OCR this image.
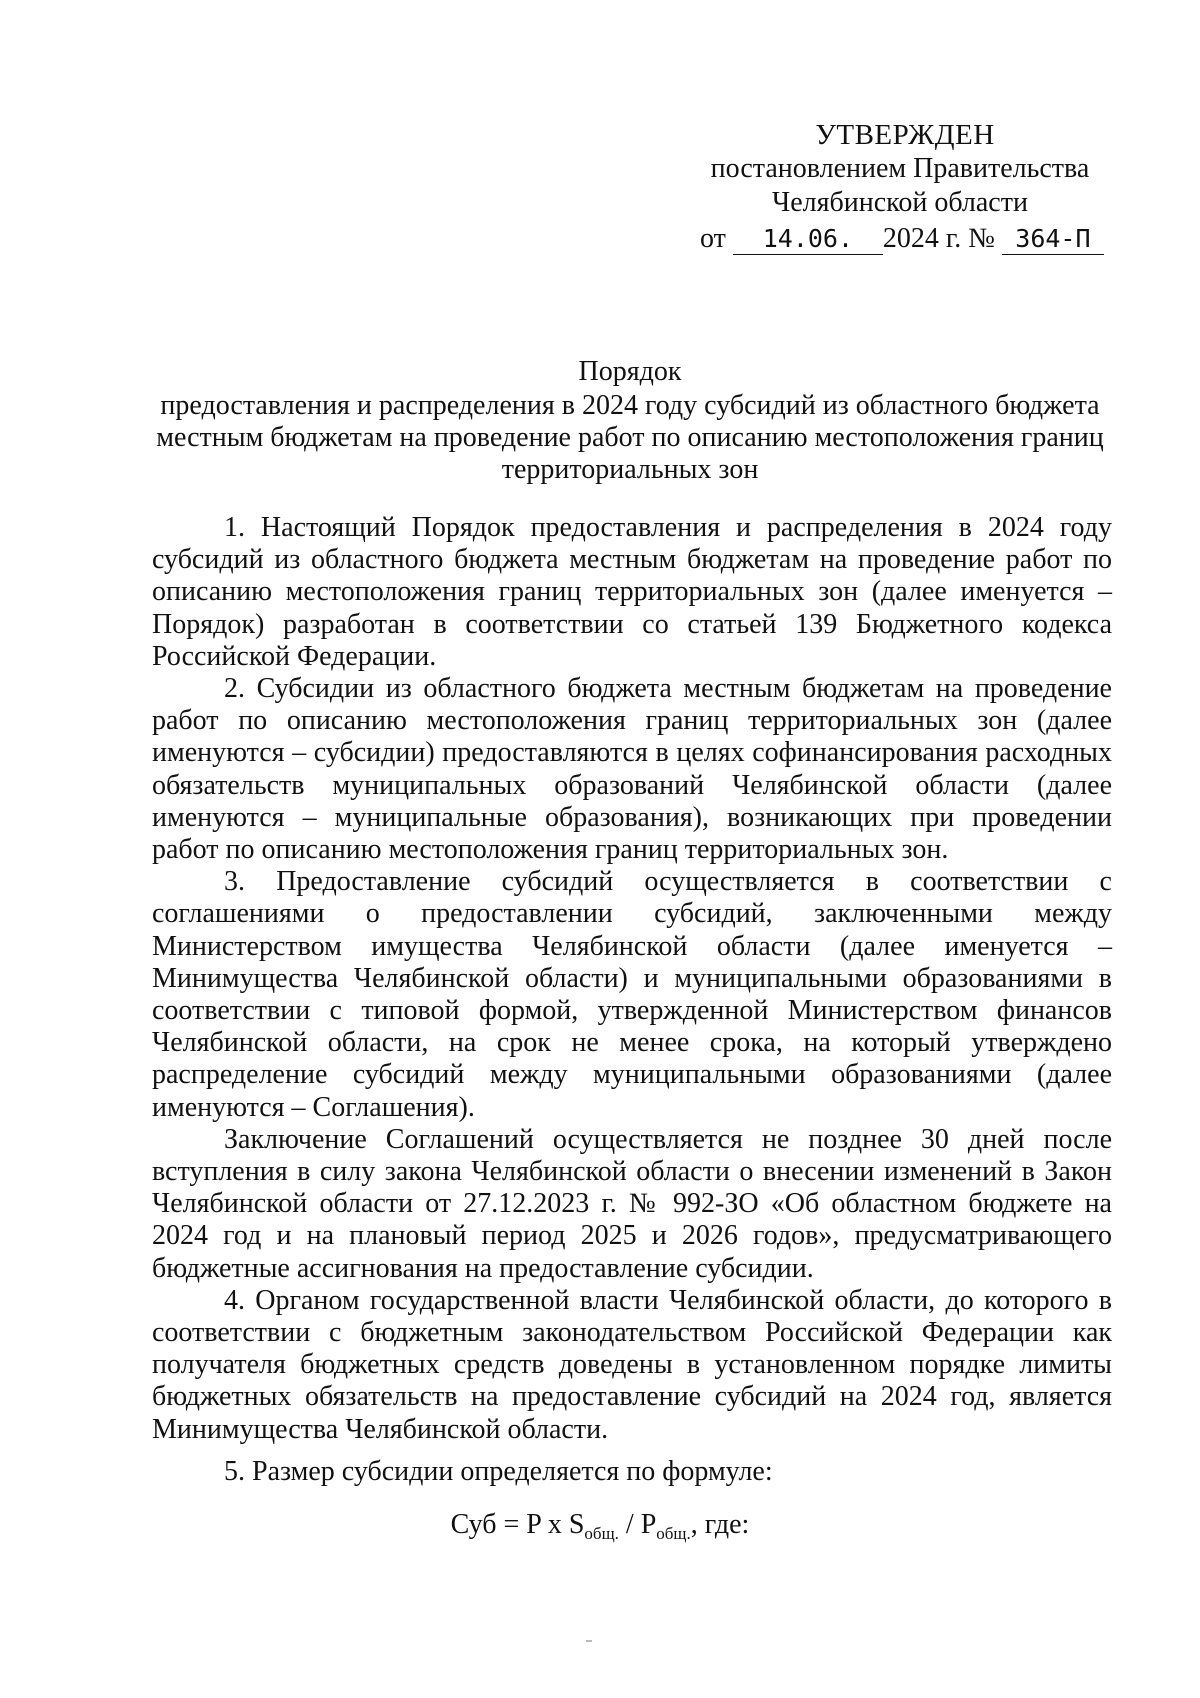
УТВЕРЖДЕН
постановлением Правительства
Челябинской области
от 14.06. 2024 г. № 364-П
Порядок
предоставления и распределения в 2024 году субсидий из областного бюджета местным бюджетам на проведение работ по описанию местоположения границ территориальных зон

1. Настоящий Порядок предоставления и распределения в 2024 году субсидий из областного бюджета местным бюджетам на проведение работ по описанию местоположения границ территориальных зон (далее именуется – Порядок) разработан в соответствии со статьей 139 Бюджетного кодекса Российской Федерации.

2. Субсидии из областного бюджета местным бюджетам на проведение работ по описанию местоположения границ территориальных зон (далее именуются – субсидии) предоставляются в целях софинансирования расходных обязательств муниципальных образований Челябинской области (далее именуются – муниципальные образования), возникающих при проведении работ по описанию местоположения границ территориальных зон.

3. Предоставление субсидий осуществляется в соответствии с соглашениями о предоставлении субсидий, заключенными между Министерством имущества Челябинской области (далее именуется – Минимущества Челябинской области) и муниципальными образованиями в соответствии с типовой формой, утвержденной Министерством финансов Челябинской области, на срок не менее срока, на который утверждено распределение субсидий между муниципальными образованиями (далее именуются – Соглашения).

Заключение Соглашений осуществляется не позднее 30 дней после вступления в силу закона Челябинской области о внесении изменений в Закон Челябинской области от 27.12.2023 г. № 992-ЗО «Об областном бюджете на 2024 год и на плановый период 2025 и 2026 годов», предусматривающего бюджетные ассигнования на предоставление субсидии.

4. Органом государственной власти Челябинской области, до которого в соответствии с бюджетным законодательством Российской Федерации как получателя бюджетных средств доведены в установленном порядке лимиты бюджетных обязательств на предоставление субсидий на 2024 год, является Минимущества Челябинской области.

5. Размер субсидии определяется по формуле:

Суб = P x $S_{общ.} / P_{общ.}$, где:
